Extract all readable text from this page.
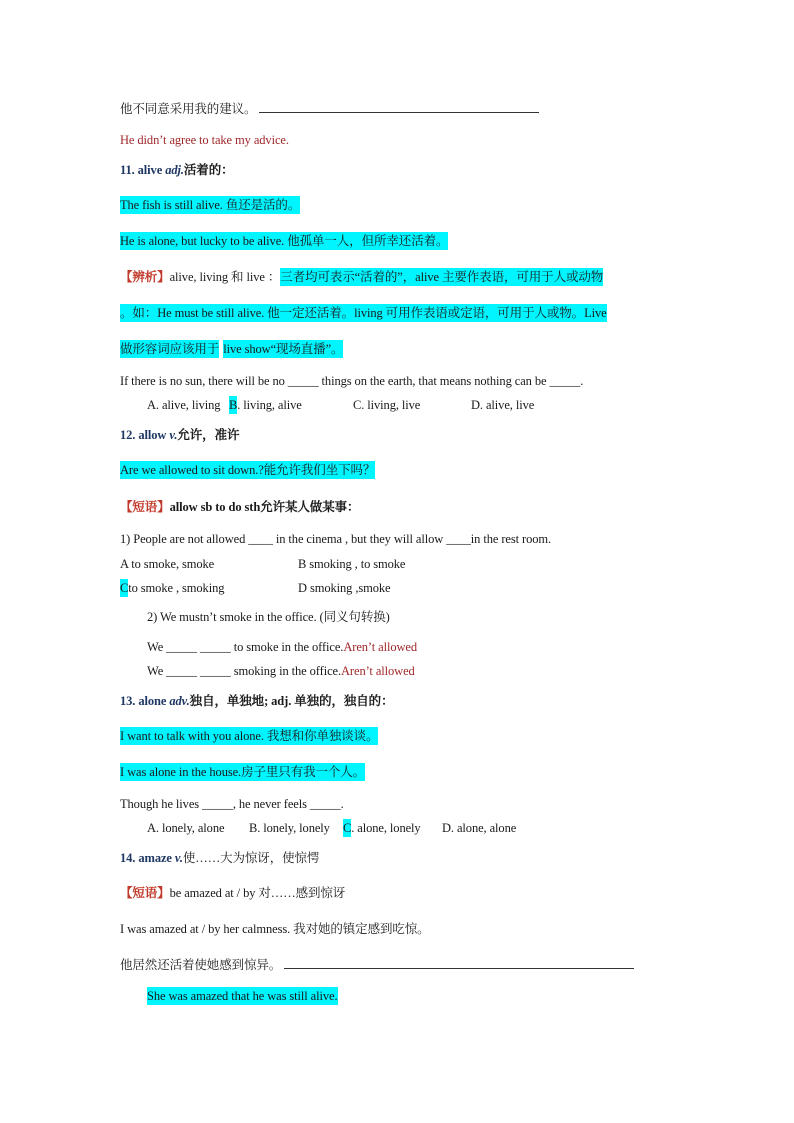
他不同意采用我的建议。
He didn’t agree to take my advice.
11. alive adj.活着的：
The fish is still alive. 鱼还是活的。
He is alone, but lucky to be alive. 他孤单一人，但所幸还活着。
【辨析】alive, living 和 live ：三者均可表示“活着的”，alive 主要作表语，可用于人或动物
。如：He must be still alive. 他一定还活着。living 可用作表语或定语，可用于人或物。Live
做形容词应该用于 live show“现场直播”。
If there is no sun, there will be no _____ things on the earth, that means nothing can be _____.
A. alive, living B. living, alive	C. living, live	D. alive, live
12. allow v.允许，准许
Are we allowed to sit down.?能允许我们坐下吗？
【短语】allow sb to do sth允许某人做某事：
1) People are not allowed ____ in the cinema , but they will allow ____in the rest room.
A to smoke, smoke	B smoking , to smoke
Cto smoke , smoking	D smoking ,smoke
2) We mustn’t smoke in the office. (同义句转换)
We _____ _____ to smoke in the office.Aren’t allowed
We _____ _____ smoking in the office.Aren’t allowed
13. alone adv.独自，单独地; adj. 单独的，独自的：
I want to talk with you alone. 我想和你单独谈谈。
I was alone in the house.房子里只有我一个人。
Though he lives _____, he never feels _____.
A. lonely, alone B. lonely, lonely C. alone, lonely D. alone, alone
14. amaze v.使……大为惊讶，使惊愕
【短语】be amazed at / by 对……感到惊讶
I was amazed at / by her calmness. 我对她的镇定感到吃惊。
他居然还活着使她感到惊异。
She was amazed that he was still alive.
